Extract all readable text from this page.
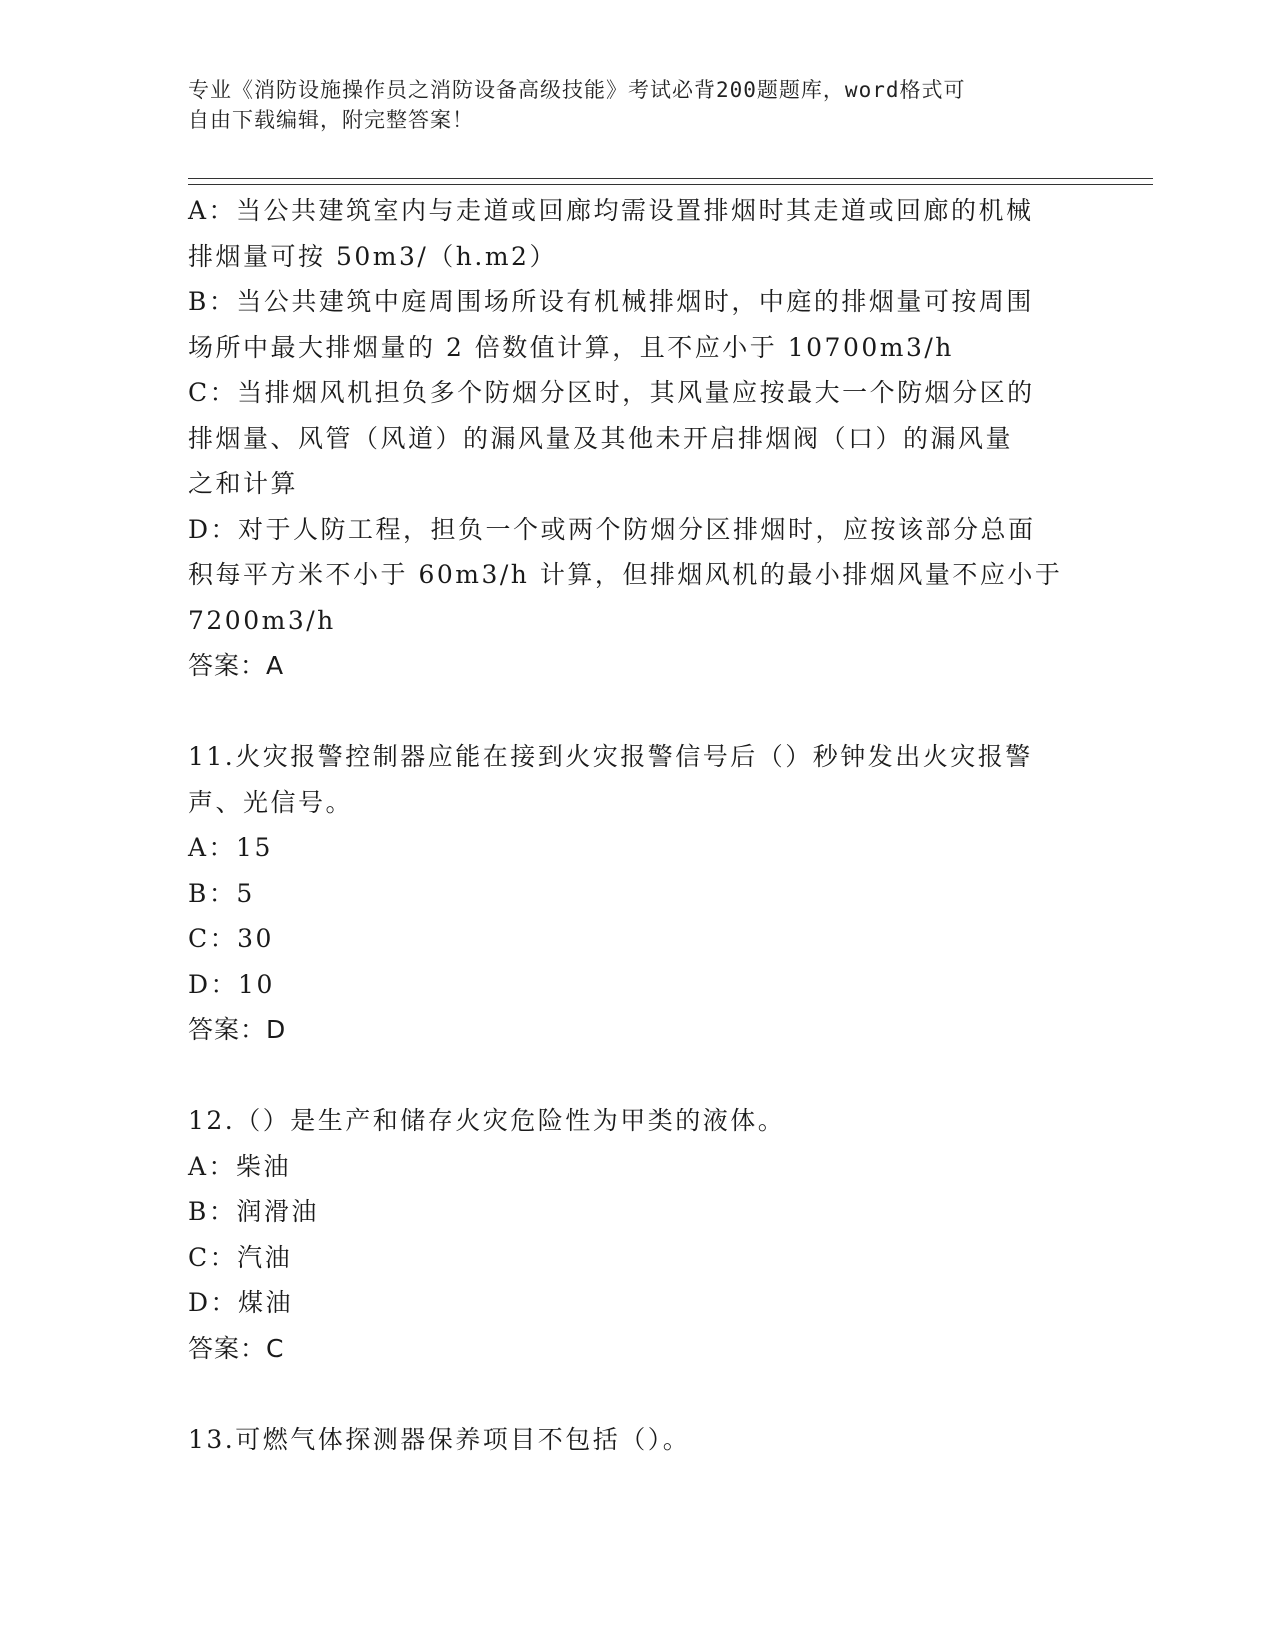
专业《消防设施操作员之消防设备高级技能》考试必背200题题库，word格式可
自由下载编辑，附完整答案！

A：当公共建筑室内与走道或回廊均需设置排烟时其走道或回廊的机械

排烟量可按 50m3/（h.m2）

B：当公共建筑中庭周围场所设有机械排烟时，中庭的排烟量可按周围

场所中最大排烟量的 2 倍数值计算，且不应小于 10700m3/h

C：当排烟风机担负多个防烟分区时，其风量应按最大一个防烟分区的

排烟量、风管（风道）的漏风量及其他未开启排烟阀（口）的漏风量

之和计算

D：对于人防工程，担负一个或两个防烟分区排烟时，应按该部分总面

积每平方米不小于 60m3/h 计算，但排烟风机的最小排烟风量不应小于

7200m3/h

答案：A

11.火灾报警控制器应能在接到火灾报警信号后（）秒钟发出火灾报警

声、光信号。

A：15

B：5

C：30

D：10

答案：D

12.（）是生产和储存火灾危险性为甲类的液体。

A：柴油

B：润滑油

C：汽油

D：煤油

答案：C

13.可燃气体探测器保养项目不包括（）。
